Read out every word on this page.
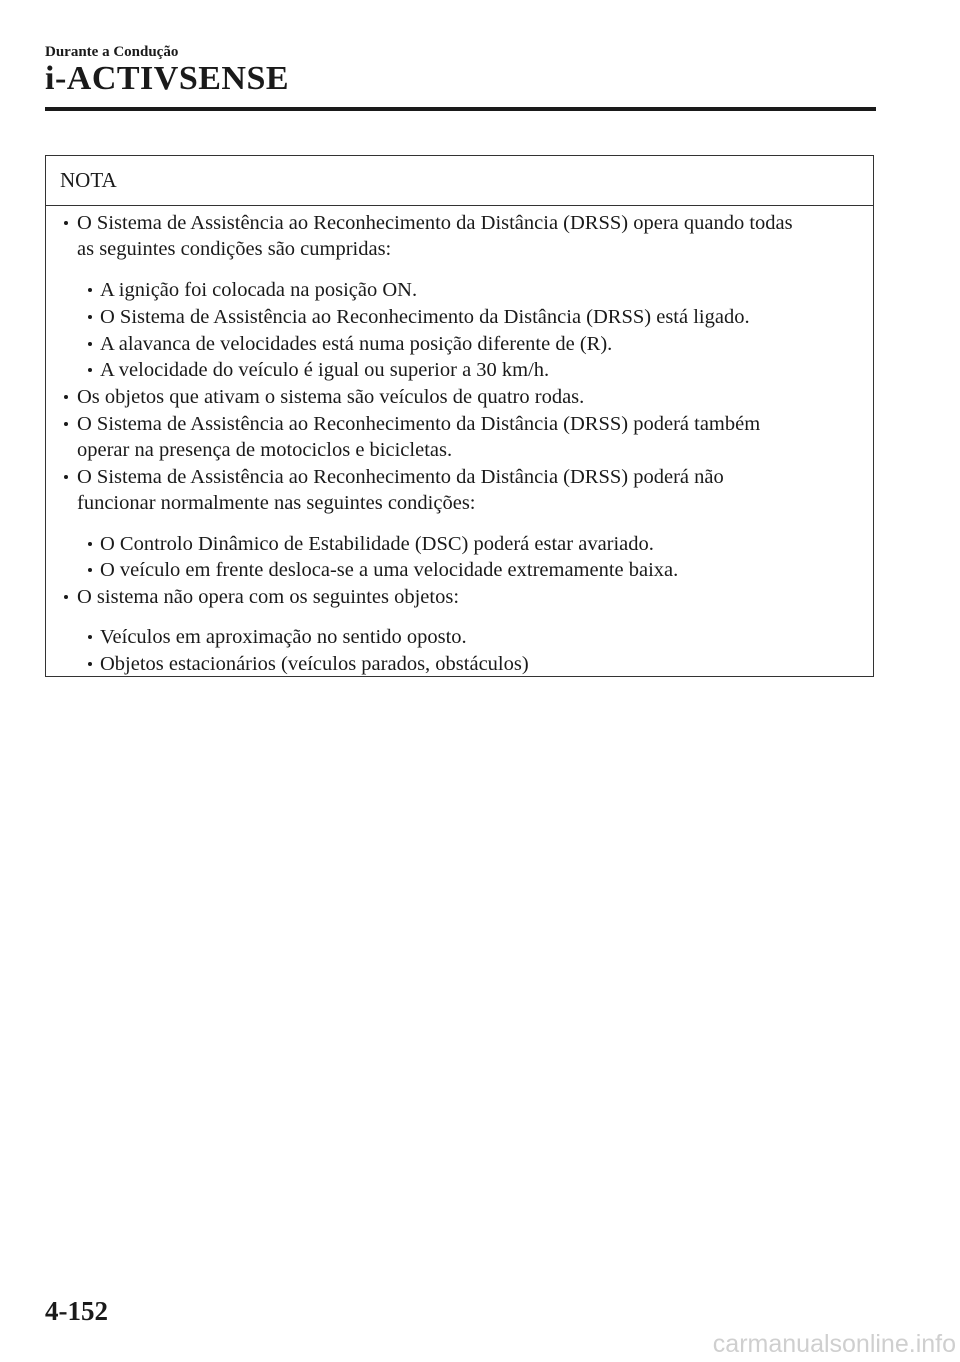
Durante a Condução
i-ACTIVSENSE
NOTA
O Sistema de Assistência ao Reconhecimento da Distância (DRSS) opera quando todas
as seguintes condições são cumpridas:
A ignição foi colocada na posição ON.
O Sistema de Assistência ao Reconhecimento da Distância (DRSS) está ligado.
A alavanca de velocidades está numa posição diferente de (R).
A velocidade do veículo é igual ou superior a 30 km/h.
Os objetos que ativam o sistema são veículos de quatro rodas.
O Sistema de Assistência ao Reconhecimento da Distância (DRSS) poderá também
operar na presença de motociclos e bicicletas.
O Sistema de Assistência ao Reconhecimento da Distância (DRSS) poderá não
funcionar normalmente nas seguintes condições:
O Controlo Dinâmico de Estabilidade (DSC) poderá estar avariado.
O veículo em frente desloca-se a uma velocidade extremamente baixa.
O sistema não opera com os seguintes objetos:
Veículos em aproximação no sentido oposto.
Objetos estacionários (veículos parados, obstáculos)
4-152
carmanualsonline.info
